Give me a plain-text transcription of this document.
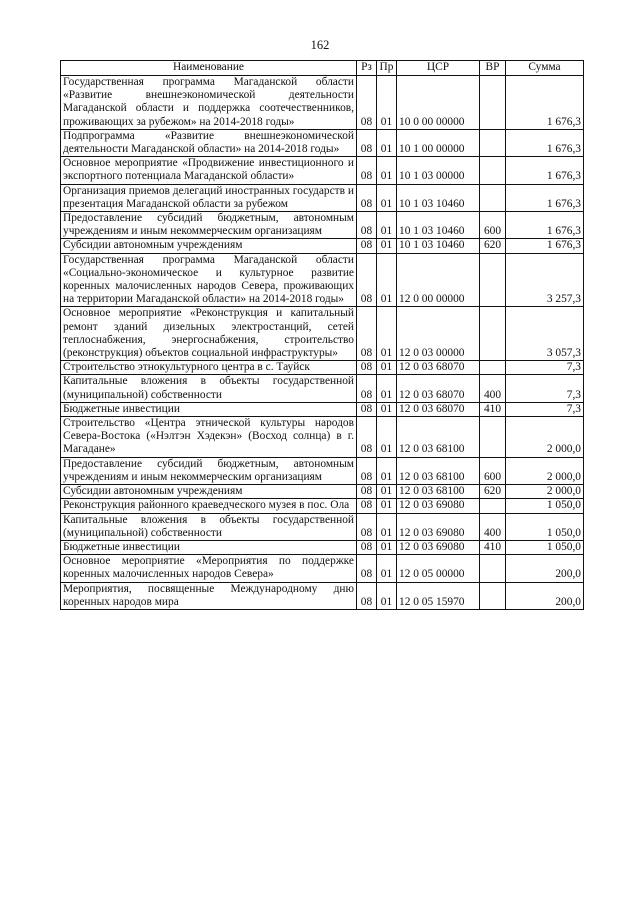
162
Наименование	Рз	Пр	ЦСР	ВР	Сумма
Государственная программа Магаданской области «Развитие внешнеэкономической деятельности Магаданской области и поддержка соотечественников, проживающих за рубежом» на 2014-2018 годы»	08	01	10 0 00 00000		1 676,3
Подпрограмма «Развитие внешнеэкономической деятельности Магаданской области» на 2014-2018 годы»	08	01	10 1 00 00000		1 676,3
Основное мероприятие «Продвижение инвестиционного и экспортного потенциала Магаданской области»	08	01	10 1 03 00000		1 676,3
Организация приемов делегаций иностранных государств и презентация Магаданской области за рубежом	08	01	10 1 03 10460		1 676,3
Предоставление субсидий бюджетным, автономным учреждениям и иным некоммерческим организациям	08	01	10 1 03 10460	600	1 676,3
Субсидии автономным учреждениям	08	01	10 1 03 10460	620	1 676,3
Государственная программа Магаданской области «Социально-экономическое и культурное развитие коренных малочисленных народов Севера, проживающих на территории Магаданской области» на 2014-2018 годы»	08	01	12 0 00 00000		3 257,3
Основное мероприятие «Реконструкция и капитальный ремонт зданий дизельных электростанций, сетей теплоснабжения, энергоснабжения, строительство (реконструкция) объектов социальной инфраструктуры»	08	01	12 0 03 00000		3 057,3
Строительство этнокультурного центра в с. Тауйск	08	01	12 0 03 68070		7,3
Капитальные вложения в объекты государственной (муниципальной) собственности	08	01	12 0 03 68070	400	7,3
Бюджетные инвестиции	08	01	12 0 03 68070	410	7,3
Строительство «Центра этнической культуры народов Севера-Востока («Нэлтэн Хэдекэн» (Восход солнца) в г. Магадане»	08	01	12 0 03 68100		2 000,0
Предоставление субсидий бюджетным, автономным учреждениям и иным некоммерческим организациям	08	01	12 0 03 68100	600	2 000,0
Субсидии автономным учреждениям	08	01	12 0 03 68100	620	2 000,0
Реконструкция районного краеведческого музея в пос. Ола	08	01	12 0 03 69080		1 050,0
Капитальные вложения в объекты государственной (муниципальной) собственности	08	01	12 0 03 69080	400	1 050,0
Бюджетные инвестиции	08	01	12 0 03 69080	410	1 050,0
Основное мероприятие «Мероприятия по поддержке коренных малочисленных народов Севера»	08	01	12 0 05 00000		200,0
Мероприятия, посвященные Международному дню коренных народов мира	08	01	12 0 05 15970		200,0
